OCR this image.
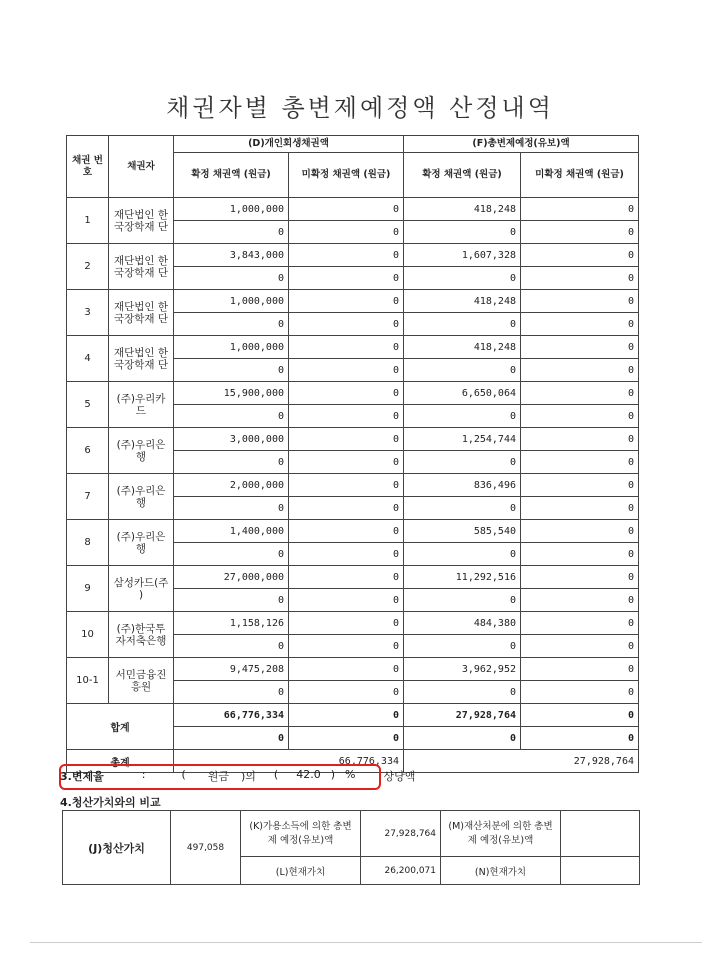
채권자별 총변제예정액 산정내역
채권 번호	채권자	(D)개인회생채권액		(F)총변제예정(유보)액	
		확정 채권액 (원금)	미확정 채권액 (원금)	확정 채권액 (원금)	미확정 채권액 (원금)
1	재단법인 한국장학재 단	1,000,000	0	418,248	0
		0	0	0	0
2	재단법인 한국장학재 단	3,843,000	0	1,607,328	0
		0	0	0	0
3	재단법인 한국장학재 단	1,000,000	0	418,248	0
		0	0	0	0
4	재단법인 한국장학재 단	1,000,000	0	418,248	0
		0	0	0	0
5	(주)우리카 드	15,900,000	0	6,650,064	0
		0	0	0	0
6	(주)우리은 행	3,000,000	0	1,254,744	0
		0	0	0	0
7	(주)우리은 행	2,000,000	0	836,496	0
		0	0	0	0
8	(주)우리은 행	1,400,000	0	585,540	0
		0	0	0	0
9	삼성카드(주 )	27,000,000	0	11,292,516	0
		0	0	0	0
10	(주)한국투 자저축은행	1,158,126	0	484,380	0
		0	0	0	0
10-1	서민금융진 흥원	9,475,208	0	3,962,952	0
		0	0	0	0
합계		66,776,334	0	27,928,764	0
		0	0	0	0
총계		66,776,334		27,928,764	
3.변제율	:	( 원금 )의 ( 42.0 ) %	상당액
4.청산가치와의 비교
(J)청산가치	497,058	(K)가용소득에 의한 총변제 예정(유보)액	27,928,764	(M)재산처분에 의한 총변제 예정(유보)액	
		(L)현재가치	26,200,071	(N)현재가치	
